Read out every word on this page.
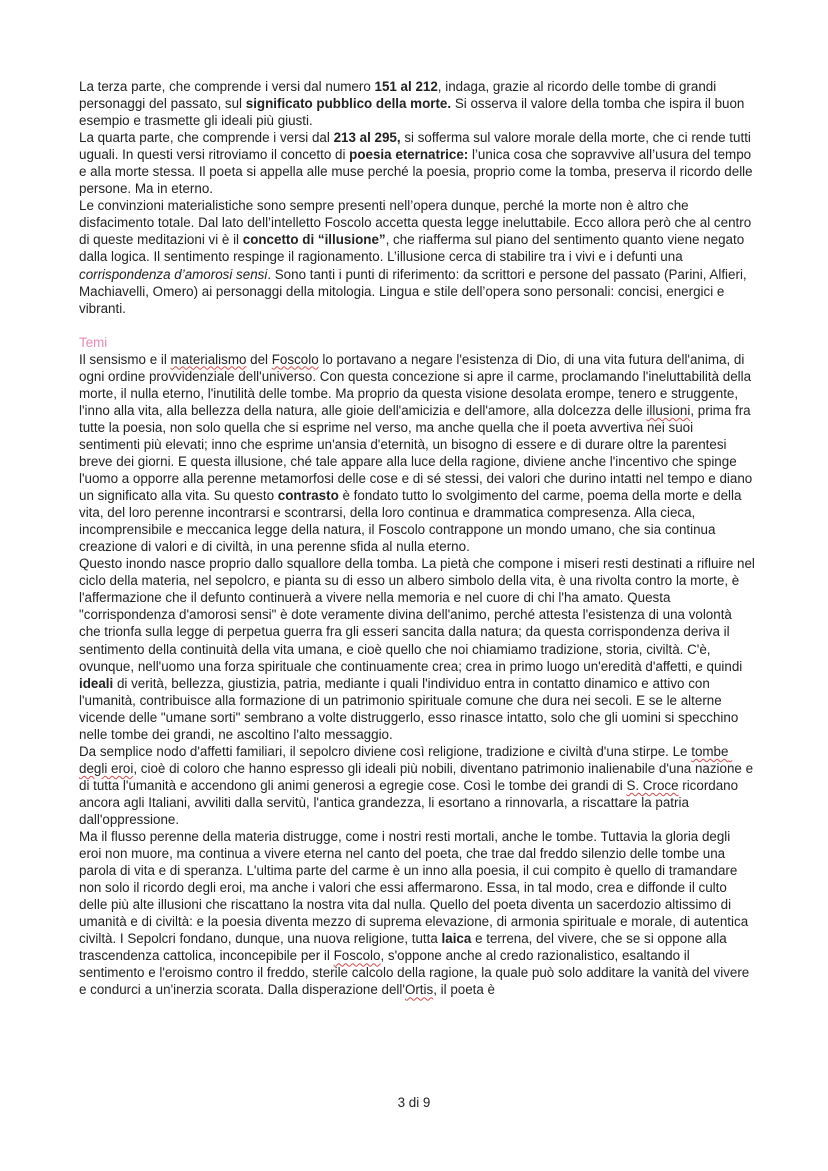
La terza parte, che comprende i versi dal numero 151 al 212, indaga, grazie al ricordo delle tombe di grandi personaggi del passato, sul significato pubblico della morte. Si osserva il valore della tomba che ispira il buon esempio e trasmette gli ideali più giusti.

La quarta parte, che comprende i versi dal 213 al 295, si sofferma sul valore morale della morte, che ci rende tutti uguali. In questi versi ritroviamo il concetto di poesia eternatrice: l’unica cosa che sopravvive all’usura del tempo e alla morte stessa. Il poeta si appella alle muse perché la poesia, proprio come la tomba, preserva il ricordo delle persone. Ma in eterno.

Le convinzioni materialistiche sono sempre presenti nell’opera dunque, perché la morte non è altro che disfacimento totale. Dal lato dell’intelletto Foscolo accetta questa legge ineluttabile. Ecco allora però che al centro di queste meditazioni vi è il concetto di “illusione”, che riafferma sul piano del sentimento quanto viene negato dalla logica. Il sentimento respinge il ragionamento. L’illusione cerca di stabilire tra i vivi e i defunti una corrispondenza d’amorosi sensi. Sono tanti i punti di riferimento: da scrittori e persone del passato (Parini, Alfieri, Machiavelli, Omero) ai personaggi della mitologia. Lingua e stile dell’opera sono personali: concisi, energici e vibranti.

Temi

Il sensismo e il materialismo del Foscolo lo portavano a negare l'esistenza di Dio, di una vita futura dell'anima, di ogni ordine provvidenziale dell'universo. Con questa concezione si apre il carme, proclamando l'ineluttabilità della morte, il nulla eterno, l'inutilità delle tombe. Ma proprio da questa visione desolata erompe, tenero e struggente, l'inno alla vita, alla bellezza della natura, alle gioie dell'amicizia e dell'amore, alla dolcezza delle illusioni, prima fra tutte la poesia, non solo quella che si esprime nel verso, ma anche quella che il poeta avvertiva nei suoi sentimenti più elevati; inno che esprime un'ansia d'eternità, un bisogno di essere e di durare oltre la parentesi breve dei giorni. E questa illusione, ché tale appare alla luce della ragione, diviene anche l'incentivo che spinge l'uomo a opporre alla perenne metamorfosi delle cose e di sé stessi, dei valori che durino intatti nel tempo e diano un significato alla vita. Su questo contrasto è fondato tutto lo svolgimento del carme, poema della morte e della vita, del loro perenne incontrarsi e scontrarsi, della loro continua e drammatica compresenza. Alla cieca, incomprensibile e meccanica legge della natura, il Foscolo contrappone un mondo umano, che sia continua creazione di valori e di civiltà, in una perenne sfida al nulla eterno.

Questo inondo nasce proprio dallo squallore della tomba. La pietà che compone i miseri resti destinati a rifluire nel ciclo della materia, nel sepolcro, e pianta su di esso un albero simbolo della vita, è una rivolta contro la morte, è l'affermazione che il defunto continuerà a vivere nella memoria e nel cuore di chi l'ha amato. Questa "corrispondenza d'amorosi sensi" è dote veramente divina dell'animo, perché attesta l'esistenza di una volontà che trionfa sulla legge di perpetua guerra fra gli esseri sancita dalla natura; da questa corrispondenza deriva il sentimento della continuità della vita umana, e cioè quello che noi chiamiamo tradizione, storia, civiltà. C'è, ovunque, nell'uomo una forza spirituale che continuamente crea; crea in primo luogo un'eredità d'affetti, e quindi ideali di verità, bellezza, giustizia, patria, mediante i quali l'individuo entra in contatto dinamico e attivo con l'umanità, contribuisce alla formazione di un patrimonio spirituale comune che dura nei secoli. E se le alterne vicende delle "umane sorti" sembrano a volte distruggerlo, esso rinasce intatto, solo che gli uomini si specchino nelle tombe dei grandi, ne ascoltino l'alto messaggio.

Da semplice nodo d'affetti familiari, il sepolcro diviene così religione, tradizione e civiltà d'una stirpe. Le tombe degli eroi, cioè di coloro che hanno espresso gli ideali più nobili, diventano patrimonio inalienabile d'una nazione e di tutta l'umanità e accendono gli animi generosi a egregie cose. Così le tombe dei grandi di S. Croce ricordano ancora agli Italiani, avviliti dalla servitù, l'antica grandezza, li esortano a rinnovarla, a riscattare la patria dall'oppressione.

Ma il flusso perenne della materia distrugge, come i nostri resti mortali, anche le tombe. Tuttavia la gloria degli eroi non muore, ma continua a vivere eterna nel canto del poeta, che trae dal freddo silenzio delle tombe una parola di vita e di speranza. L'ultima parte del carme è un inno alla poesia, il cui compito è quello di tramandare non solo il ricordo degli eroi, ma anche i valori che essi affermarono. Essa, in tal modo, crea e diffonde il culto delle più alte illusioni che riscattano la nostra vita dal nulla. Quello del poeta diventa un sacerdozio altissimo di umanità e di civiltà: e la poesia diventa mezzo di suprema elevazione, di armonia spirituale e morale, di autentica civiltà. I Sepolcri fondano, dunque, una nuova religione, tutta laica e terrena, del vivere, che se si oppone alla trascendenza cattolica, inconcepibile per il Foscolo, s'oppone anche al credo razionalistico, esaltando il sentimento e l'eroismo contro il freddo, sterile calcolo della ragione, la quale può solo additare la vanità del vivere e condurci a un'inerzia scorata. Dalla disperazione dell'Ortis, il poeta è

3 di 9
